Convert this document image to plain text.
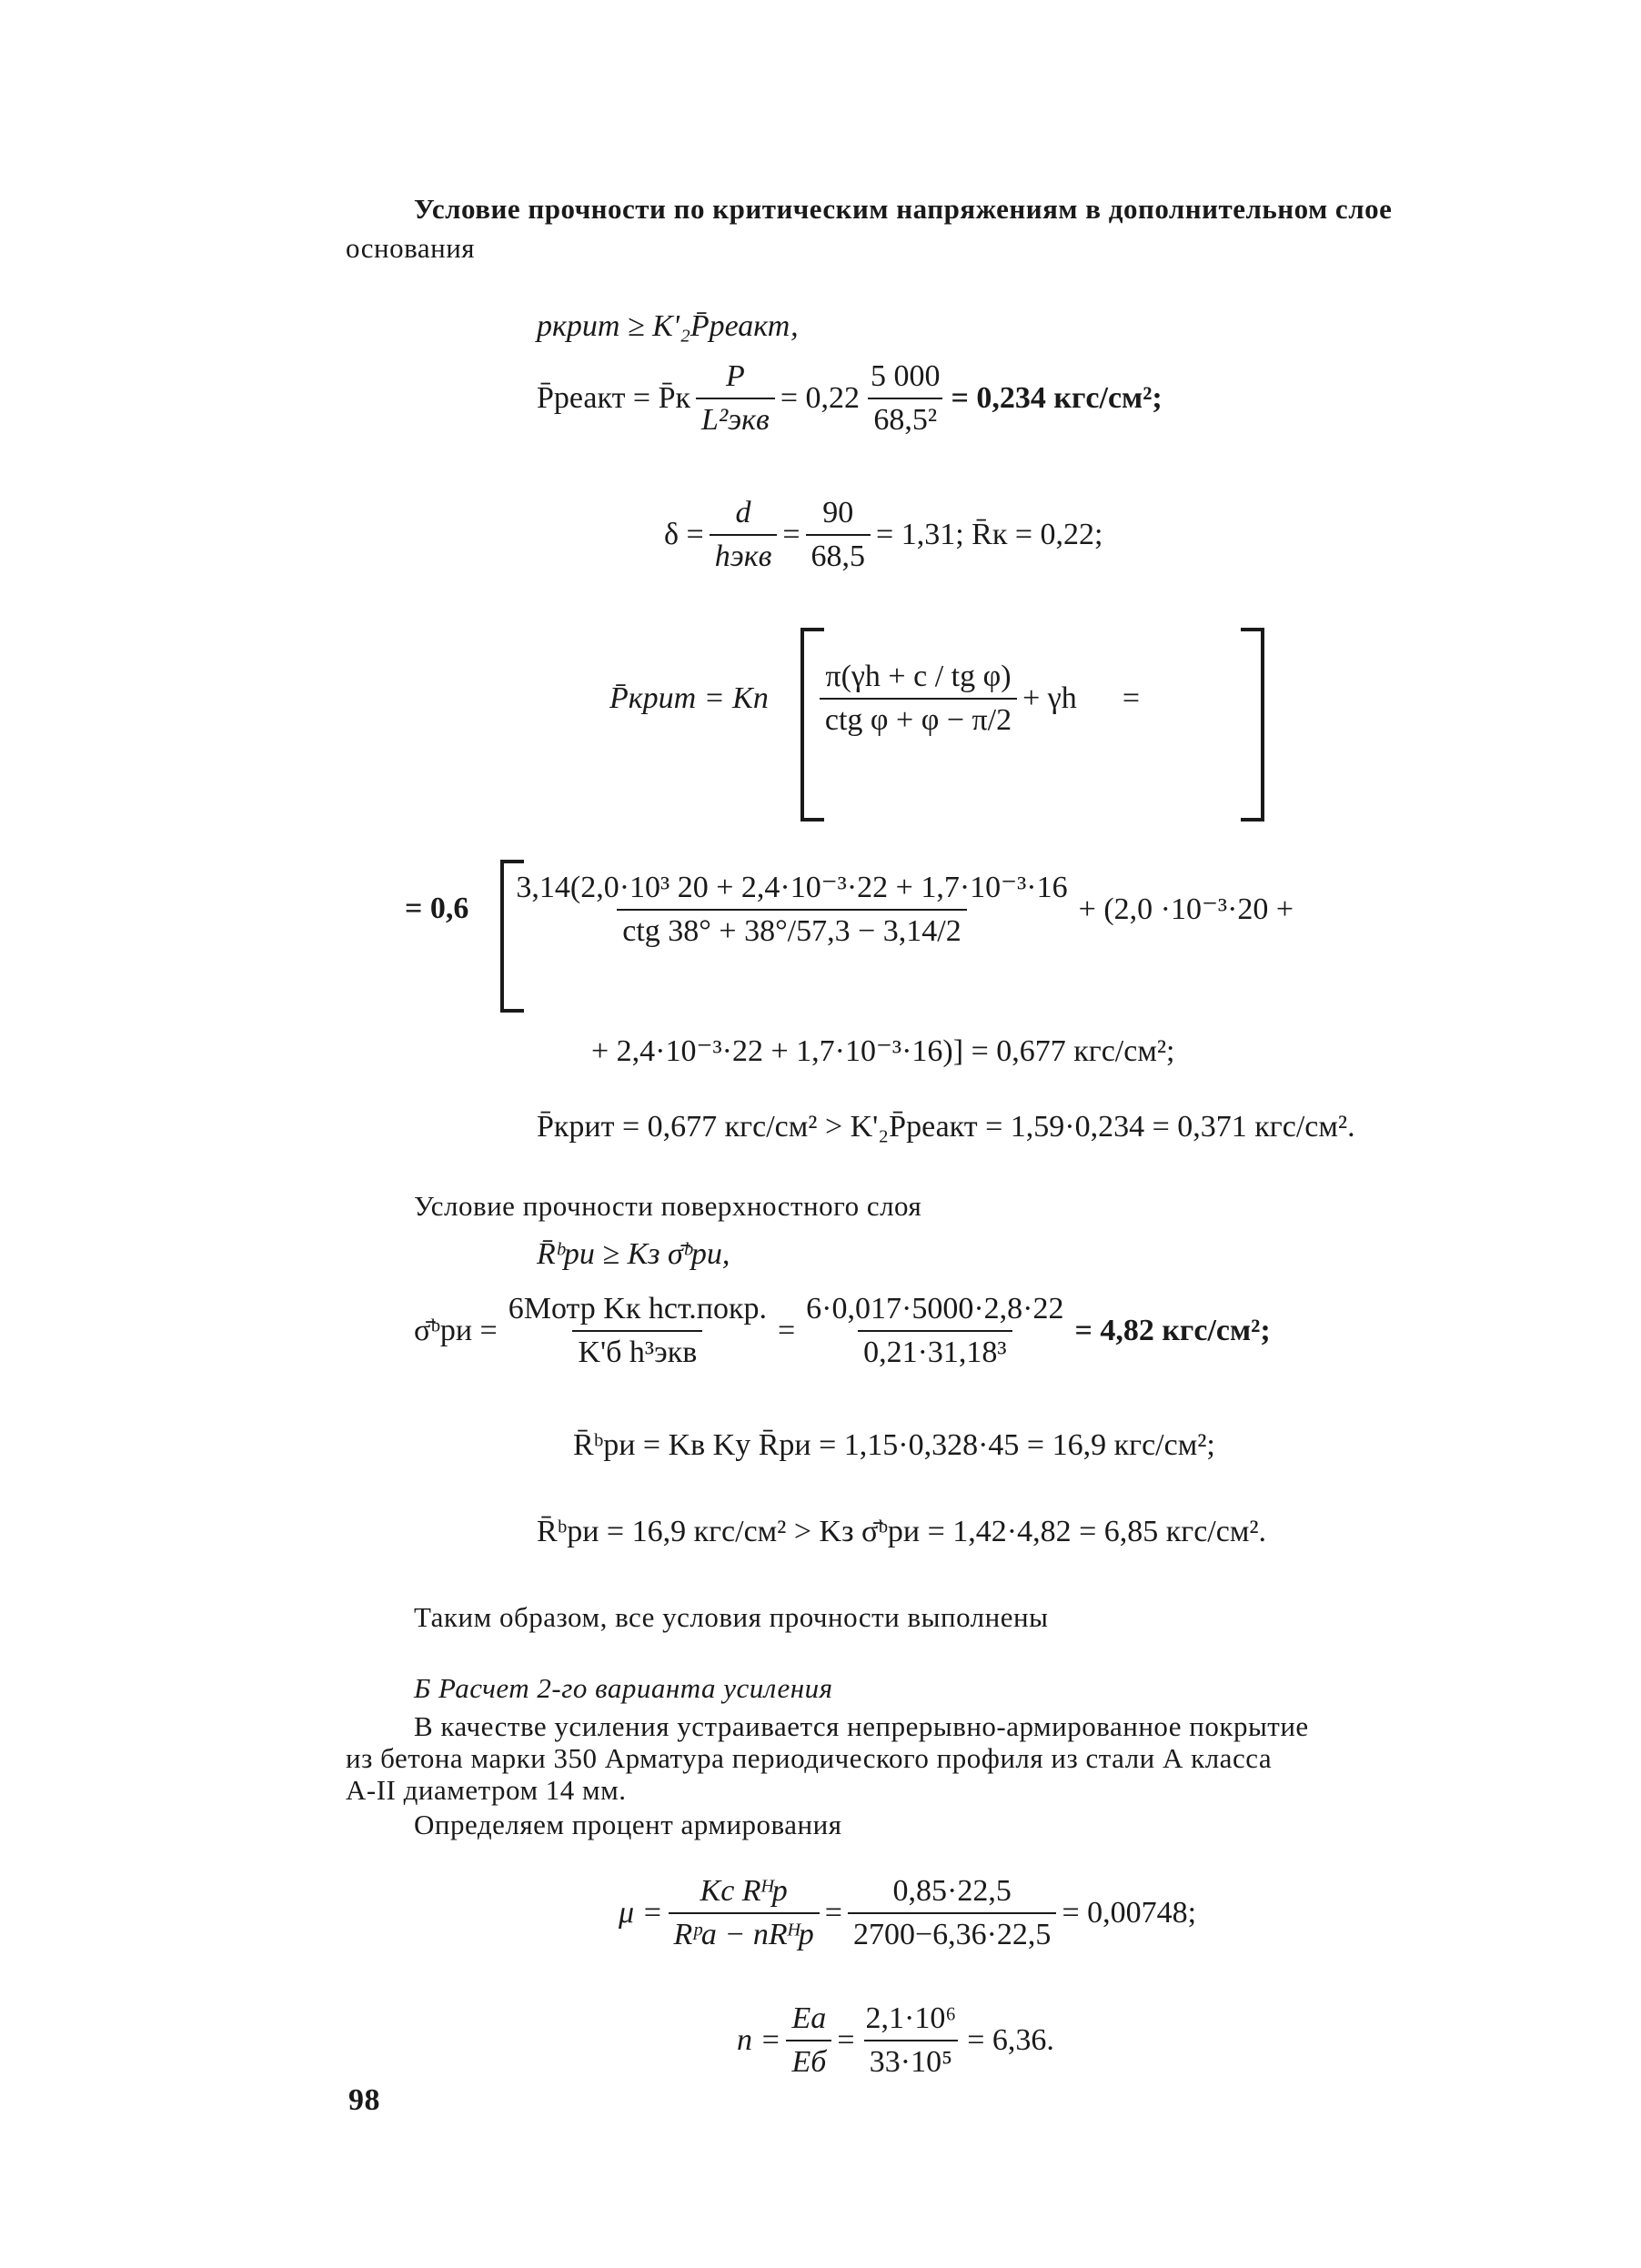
Условие прочности по критическим напряжениям в дополнительном слое
основания
pкрит ≥ K'₂P̄реакт,
P̄реакт = P̄к $\frac{P}{\text{L²экв}} = 0,22 \frac{5 000}{\text{68,5²}} = 0,234$ кгс/см²;
$\delta = \frac{d}{\text{hэкв}} = \frac{90}{68,5} = 1,31$; R̄к = 0,22;
P̄крит = Kп $\frac{\text{π(γh + c / tg φ)}}{\text{ctg φ + φ − π/2}} + \gamma h$ =
= $0,6 \frac{\text{3,14(2,0·10³ 20 + 2,4·10⁻³·22 + 1,7·10⁻³·16}}{\text{ctg 38° + 38°/57,3 − 3,14/2}} + (2,0 \cdot 10^{-3}\cdot 20$ +
+ 2,4·10⁻³·22 + 1,7·10⁻³·16)] = 0,677 кгс/см²;
P̄крит = 0,677 кгс/см² > K'₂P̄реакт = 1,59·0,234 = 0,371 кгс/см².
Условие прочности поверхностного слоя
R̄ᵇри ≥ Kз σ̄ᵇри,
σ̄ᵇри = $\frac{\text{6Mотр Kк hст.покр.}}{\text{K'б h³экв}} = \frac{6\cdot 0,017\cdot 5000\cdot 2,8\cdot 22}{\text{0,21·31,18³}} = 4,82$ кгс/см²;
R̄ᵇри = Kв Kу R̄ри = 1,15·0,328·45 = 16,9 кгс/см²;
R̄ᵇри = 16,9 кгс/см² > Kз σ̄ᵇри = 1,42·4,82 = 6,85 кгс/см².
Таким образом, все условия прочности выполнены
Б Расчет 2-го варианта усиления
В качестве усиления устраивается непрерывно-армированное покрытие
из бетона марки 350 Арматура периодического профиля из стали А класса
А-II диаметром 14 мм.
Определяем процент армирования
$\mu = \frac{\text{Kс Rᴴр}}{\text{Rᵖа − nRᴴр}} = \frac{0,85\cdot 22,5}{2700-6,36\cdot 22,5} = 0,00748$;
$n = \frac{Eа}{Eб} = \frac{\text{2,1·10⁶}}{\text{33·10⁵}} = 6,36$.
98
